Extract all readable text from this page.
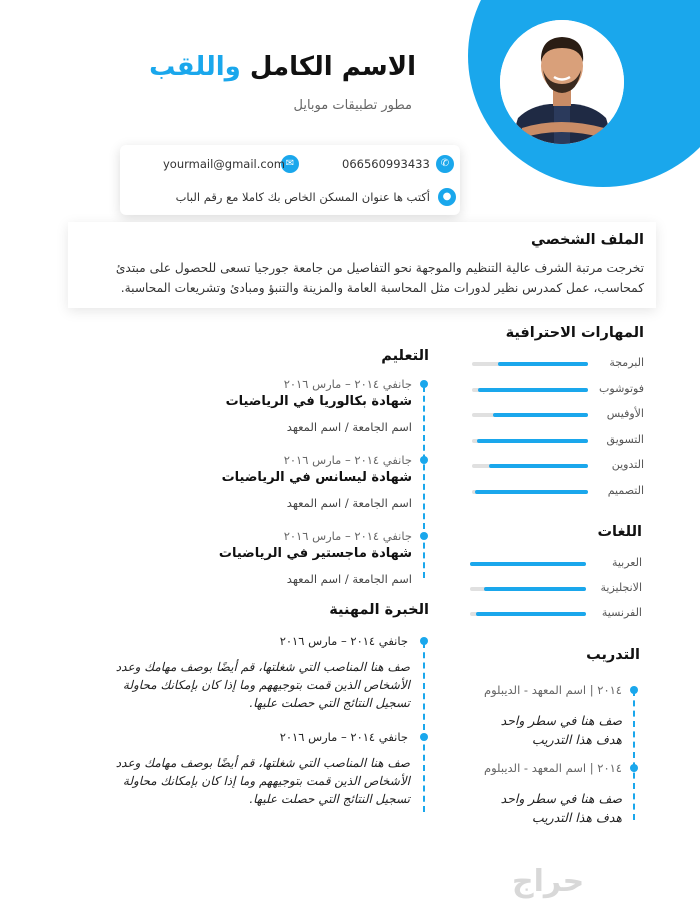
الاسم الكامل واللقب
مطور تطبيقات موبايل
✆
066560993433
✉
yourmail@gmail.com
●
أكتب ها عنوان المسكن الخاص بك كاملا مع رقم الباب
الملف الشخصي
تخرجت مرتبة الشرف عالية التنظيم والموجهة نحو التفاصيل من جامعة جورجيا تسعى للحصول على مبتدئ كمحاسب، عمل كمدرس نظير لدورات مثل المحاسبة العامة والمزينة والتنبؤ ومبادئ وتشريعات المحاسبة.
المهارات الاحترافية
البرمجة
فوتوشوب
الأوفيس
التسويق
التدوين
التصميم
اللغات
العربية
الانجليزية
الفرنسية
التدريب
٢٠١٤ | اسم المعهد - الديبلوم
صف هنا في سطر واحد
هدف هذا التدريب
٢٠١٤ | اسم المعهد - الديبلوم
صف هنا في سطر واحد
هدف هذا التدريب
التعليم
جانفي ٢٠١٤ – مارس ٢٠١٦
شهادة بكالوريا في الرياضيات
اسم الجامعة / اسم المعهد
جانفي ٢٠١٤ – مارس ٢٠١٦
شهادة ليسانس في الرياضيات
اسم الجامعة / اسم المعهد
جانفي ٢٠١٤ – مارس ٢٠١٦
شهادة ماجستير في الرياضيات
اسم الجامعة / اسم المعهد
الخبرة المهنية
جانفي ٢٠١٤ – مارس ٢٠١٦
صف هنا المناصب التي شغلتها، قم أيضًا بوصف مهامك وعدد
الأشخاص الذين قمت بتوجيههم وما إذا كان بإمكانك محاولة
تسجيل النتائج التي حصلت عليها.
جانفي ٢٠١٤ – مارس ٢٠١٦
صف هنا المناصب التي شغلتها، قم أيضًا بوصف مهامك وعدد
الأشخاص الذين قمت بتوجيههم وما إذا كان بإمكانك محاولة
تسجيل النتائج التي حصلت عليها.
حراج
